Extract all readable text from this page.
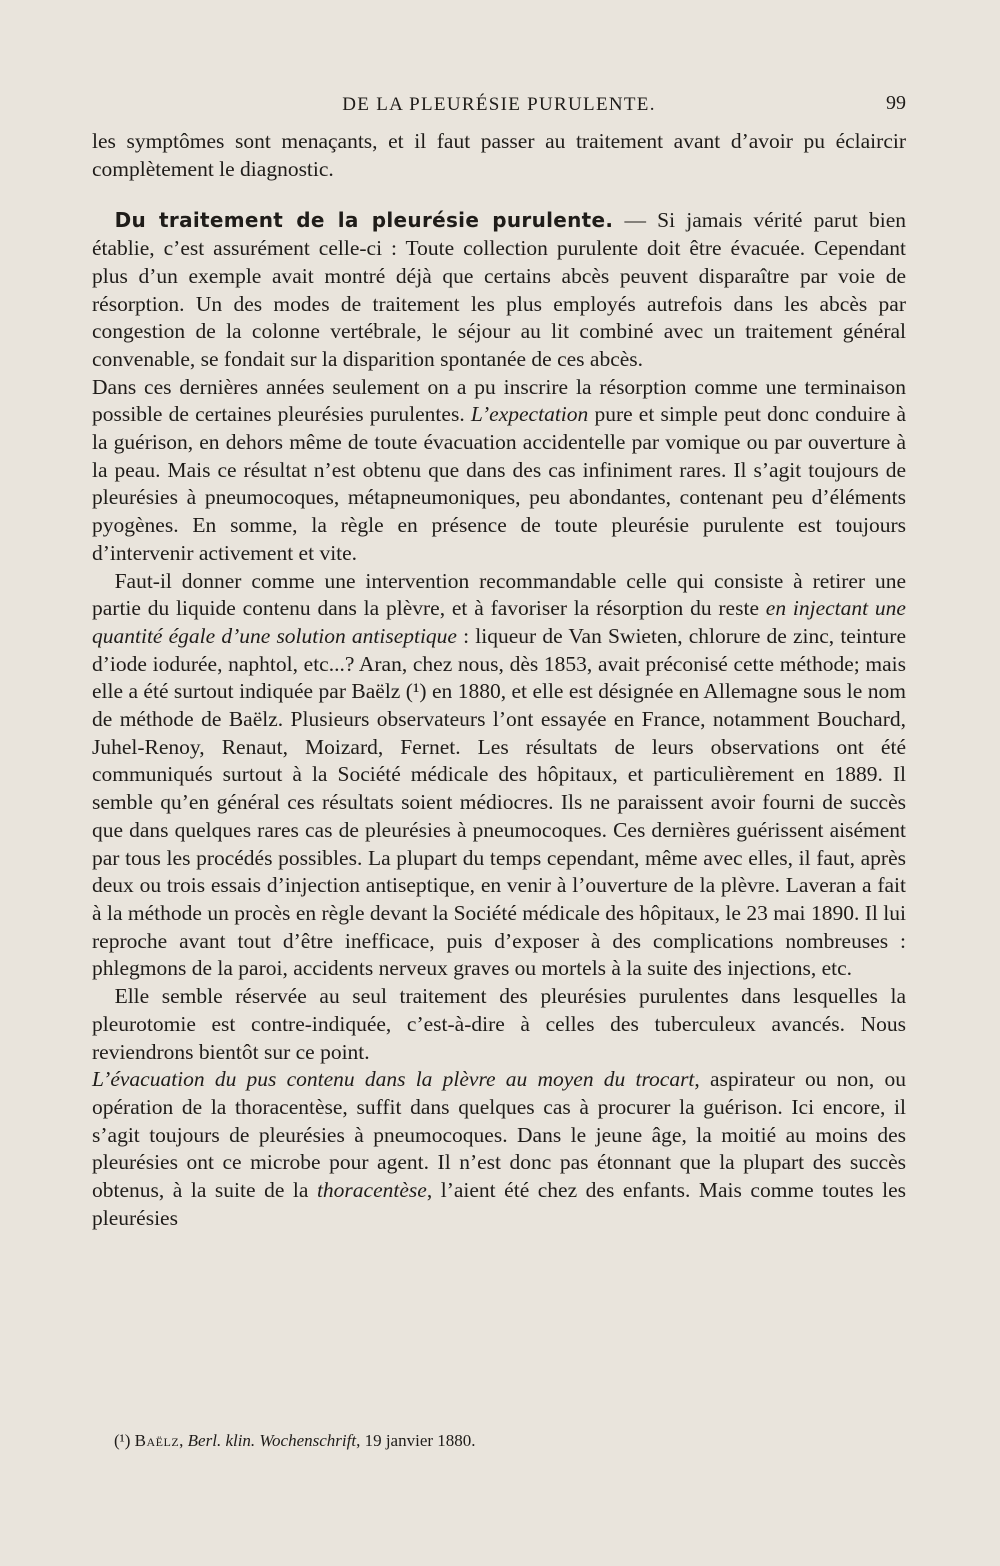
DE LA PLEURÉSIE PURULENTE.	99

les symptômes sont menaçants, et il faut passer au traitement avant d’avoir pu éclaircir complètement le diagnostic.

Du traitement de la pleurésie purulente. — Si jamais vérité parut bien établie, c’est assurément celle-ci : Toute collection purulente doit être évacuée. Cependant plus d’un exemple avait montré déjà que certains abcès peuvent disparaître par voie de résorption. Un des modes de traitement les plus employés autrefois dans les abcès par congestion de la colonne vertébrale, le séjour au lit combiné avec un traitement général convenable, se fondait sur la disparition spontanée de ces abcès.

Dans ces dernières années seulement on a pu inscrire la résorption comme une terminaison possible de certaines pleurésies purulentes. L’expectation pure et simple peut donc conduire à la guérison, en dehors même de toute évacuation accidentelle par vomique ou par ouverture à la peau. Mais ce résultat n’est obtenu que dans des cas infiniment rares. Il s’agit toujours de pleurésies à pneumocoques, métapneumoniques, peu abondantes, contenant peu d’éléments pyogènes. En somme, la règle en présence de toute pleurésie purulente est toujours d’intervenir activement et vite.

Faut-il donner comme une intervention recommandable celle qui consiste à retirer une partie du liquide contenu dans la plèvre, et à favoriser la résorption du reste en injectant une quantité égale d’une solution antiseptique : liqueur de Van Swieten, chlorure de zinc, teinture d’iode iodurée, naphtol, etc...? Aran, chez nous, dès 1853, avait préconisé cette méthode; mais elle a été surtout indiquée par Baëlz (¹) en 1880, et elle est désignée en Allemagne sous le nom de méthode de Baëlz. Plusieurs observateurs l’ont essayée en France, notamment Bouchard, Juhel-Renoy, Renaut, Moizard, Fernet. Les résultats de leurs observations ont été communiqués surtout à la Société médicale des hôpitaux, et particulièrement en 1889. Il semble qu’en général ces résultats soient médiocres. Ils ne paraissent avoir fourni de succès que dans quelques rares cas de pleurésies à pneumocoques. Ces dernières guérissent aisément par tous les procédés possibles. La plupart du temps cependant, même avec elles, il faut, après deux ou trois essais d’injection antiseptique, en venir à l’ouverture de la plèvre. Laveran a fait à la méthode un procès en règle devant la Société médicale des hôpitaux, le 23 mai 1890. Il lui reproche avant tout d’être inefficace, puis d’exposer à des complications nombreuses : phlegmons de la paroi, accidents nerveux graves ou mortels à la suite des injections, etc.

Elle semble réservée au seul traitement des pleurésies purulentes dans lesquelles la pleurotomie est contre-indiquée, c’est-à-dire à celles des tuberculeux avancés. Nous reviendrons bientôt sur ce point.

L’évacuation du pus contenu dans la plèvre au moyen du trocart, aspirateur ou non, ou opération de la thoracentèse, suffit dans quelques cas à procurer la guérison. Ici encore, il s’agit toujours de pleurésies à pneumocoques. Dans le jeune âge, la moitié au moins des pleurésies ont ce microbe pour agent. Il n’est donc pas étonnant que la plupart des succès obtenus, à la suite de la thoracentèse, l’aient été chez des enfants. Mais comme toutes les pleurésies

(¹) Baëlz, Berl. klin. Wochenschrift, 19 janvier 1880.
